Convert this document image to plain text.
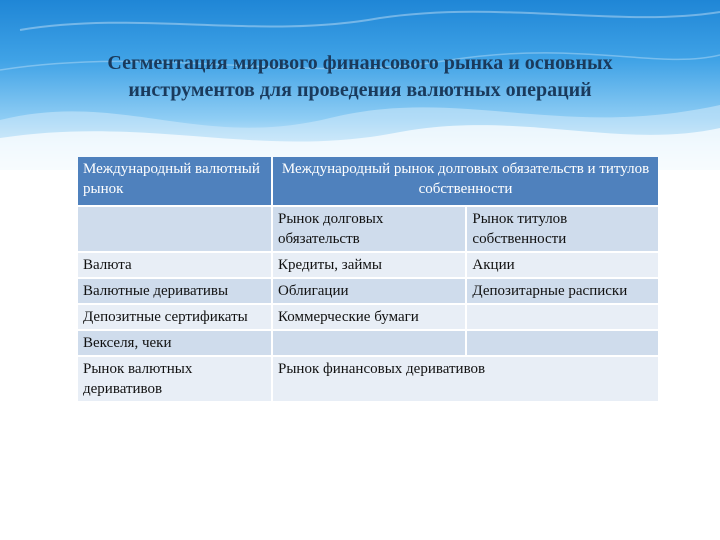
Сегментация мирового финансового рынка и основных
инструментов для проведения валютных операций
Международный валютный рынок	Международный рынок долговых обязательств и титулов собственности	
	Рынок долговых обязательств	Рынок титулов собственности
Валюта	Кредиты, займы	Акции
Валютные деривативы	Облигации	Депозитарные расписки
Депозитные сертификаты	Коммерческие бумаги	
Векселя, чеки		
Рынок валютных деривативов	Рынок финансовых деривативов	
